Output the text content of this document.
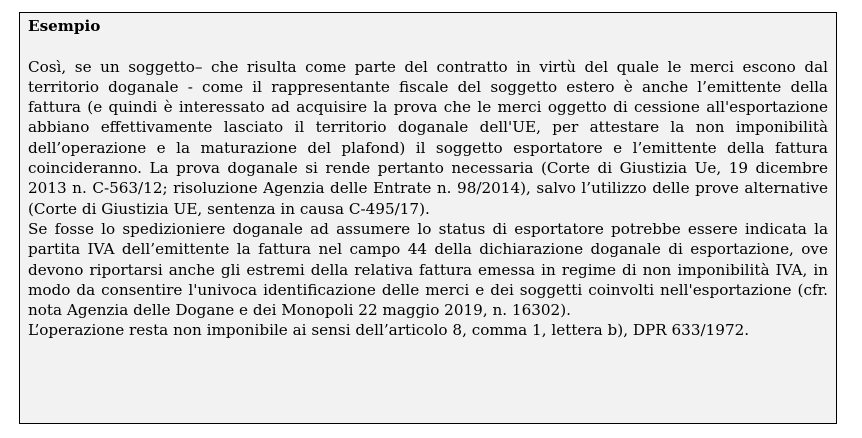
Esempio

Così, se un soggetto– che risulta come parte del contratto in virtù del quale le merci escono dal territorio doganale - come il rappresentante fiscale del soggetto estero è anche l’emittente della fattura (e quindi è interessato ad acquisire la prova che le merci oggetto di cessione all'esportazione abbiano effettivamente lasciato il territorio doganale dell'UE, per attestare la non imponibilità dell’operazione e la maturazione del plafond) il soggetto esportatore e l’emittente della fattura coincideranno. La prova doganale si rende pertanto necessaria (Corte di Giustizia Ue, 19 dicembre 2013 n. C-563/12; risoluzione Agenzia delle Entrate n. 98/2014), salvo l’utilizzo delle prove alternative (Corte di Giustizia UE, sentenza in causa C-495/17).

Se fosse lo spedizioniere doganale ad assumere lo status di esportatore potrebbe essere indicata la partita IVA dell’emittente la fattura nel campo 44 della dichiarazione doganale di esportazione, ove devono riportarsi anche gli estremi della relativa fattura emessa in regime di non imponibilità IVA, in modo da consentire l'univoca identificazione delle merci e dei soggetti coinvolti nell'esportazione (cfr. nota Agenzia delle Dogane e dei Monopoli 22 maggio 2019, n. 16302).

L’operazione resta non imponibile ai sensi dell’articolo 8, comma 1, lettera b), DPR 633/1972.
